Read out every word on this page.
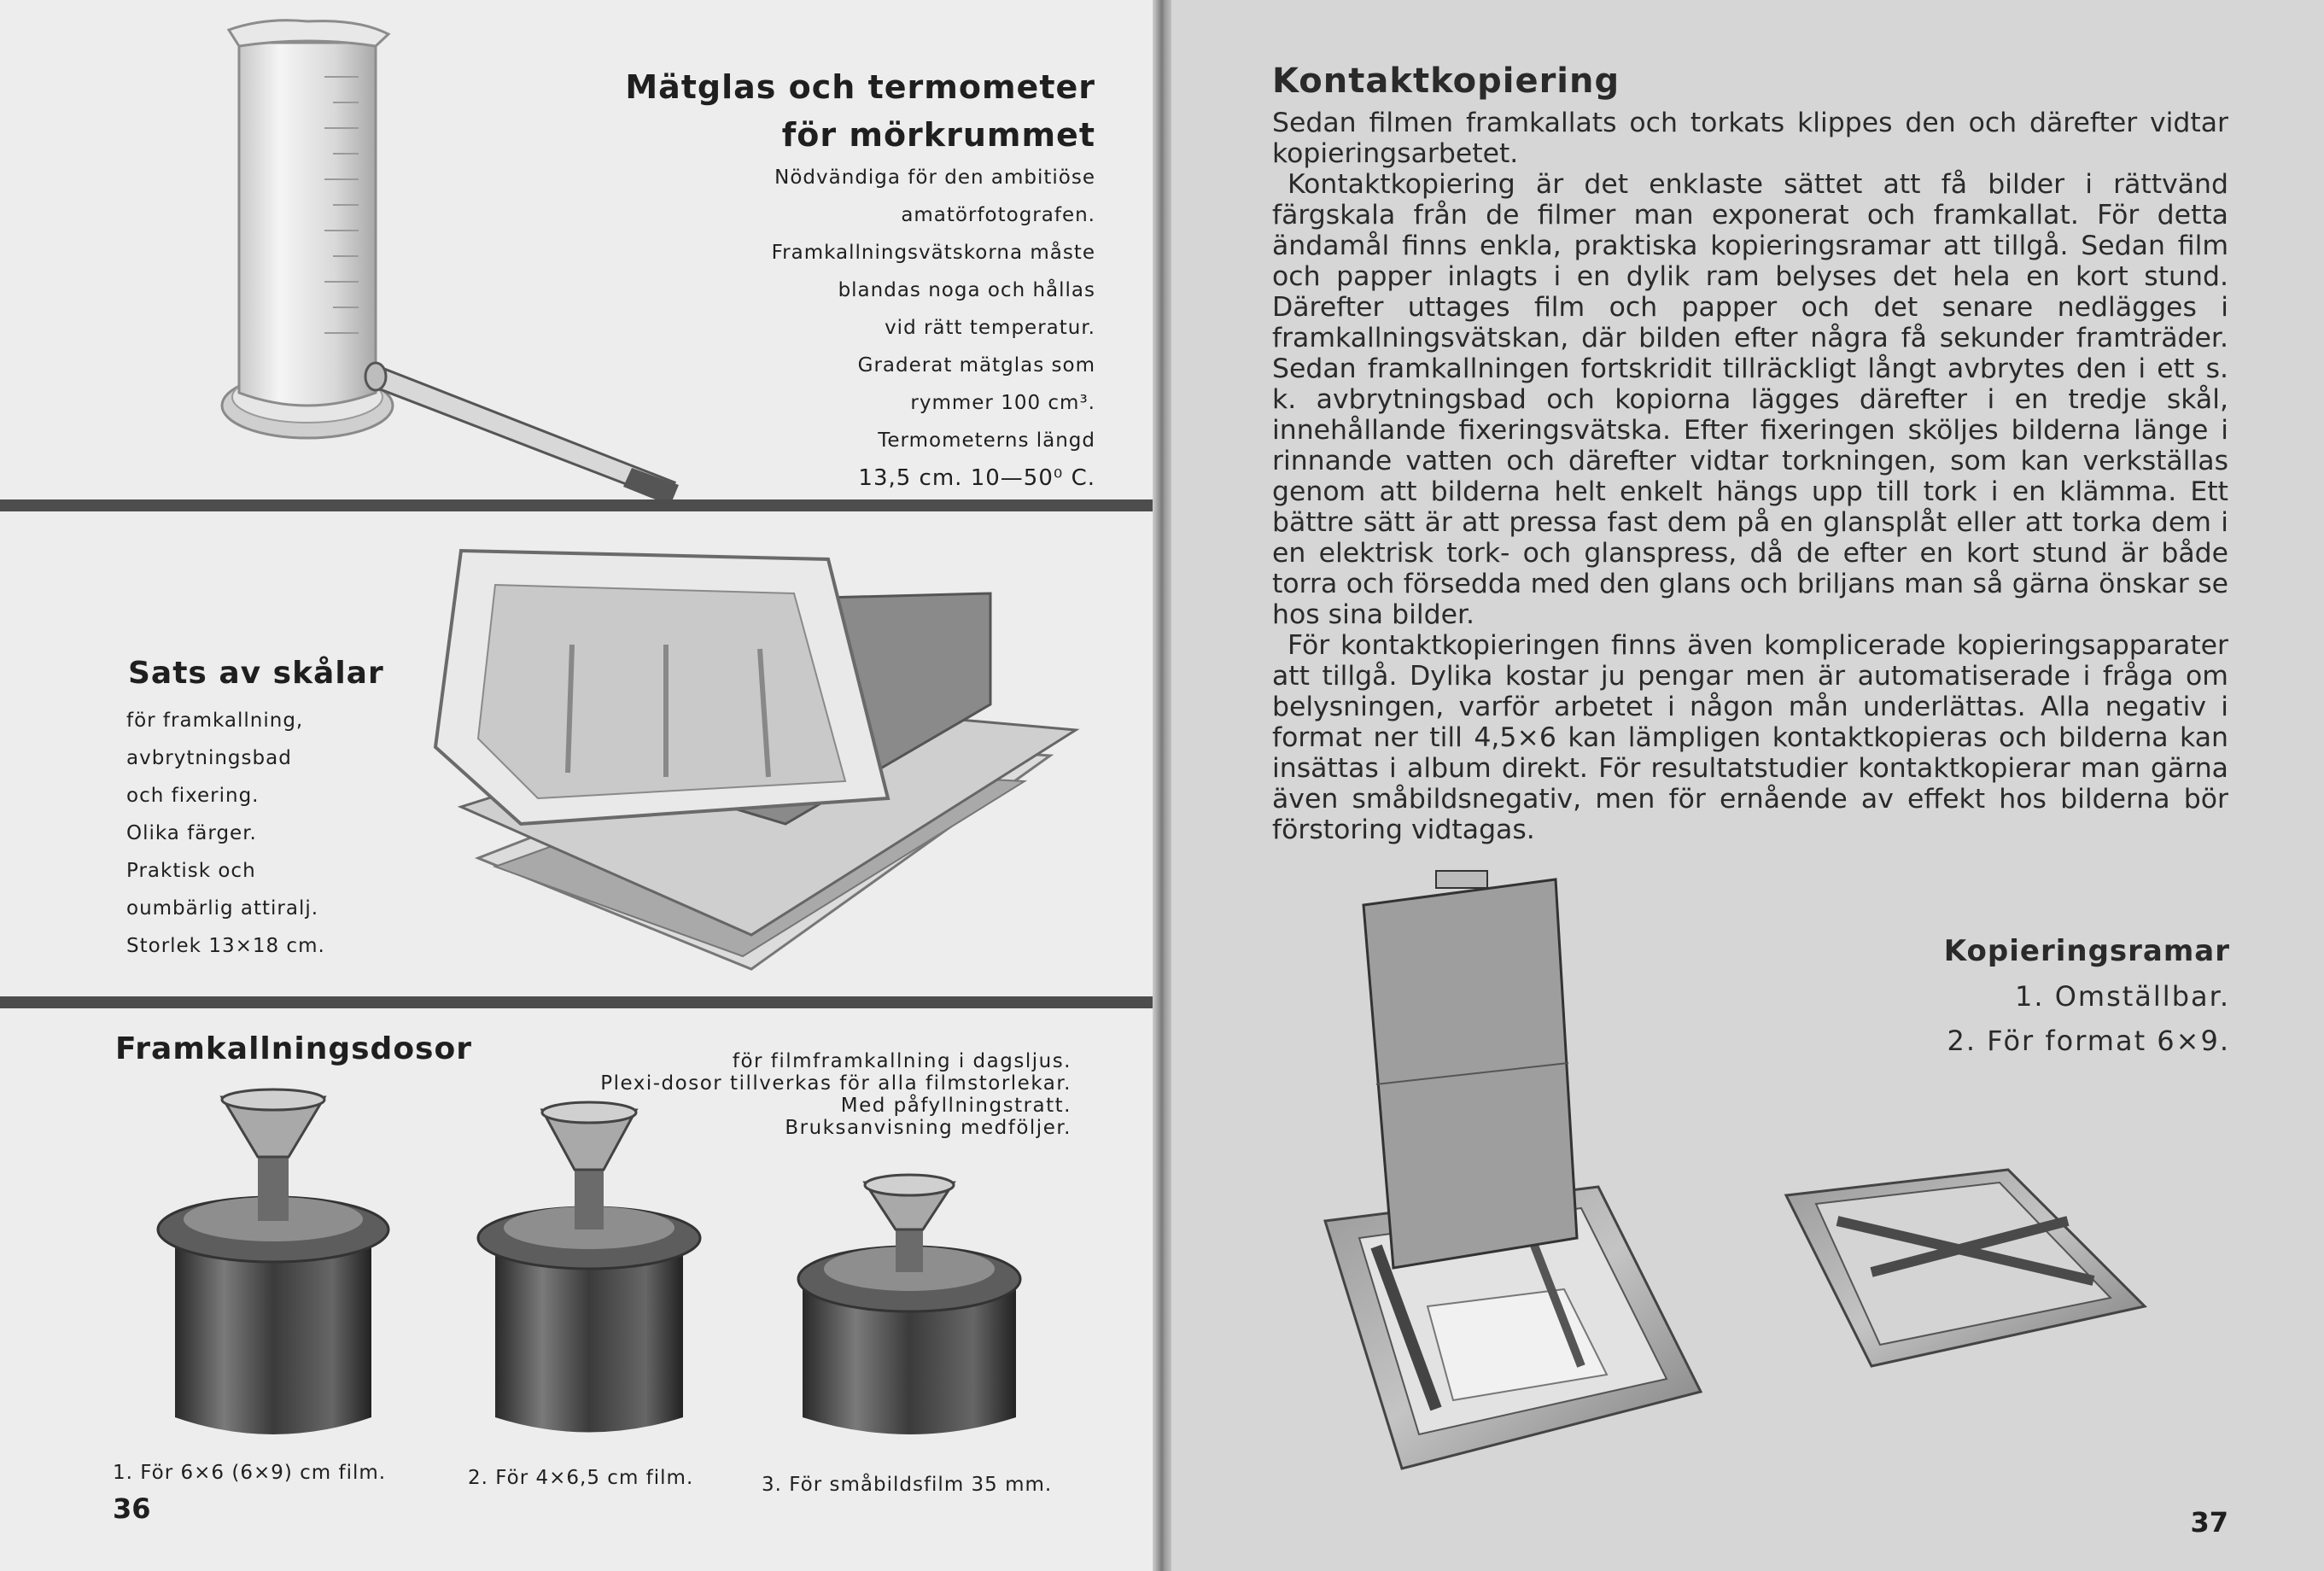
Mätglas och termometer
för mörkrummet
Nödvändiga för den ambitiöse
amatörfotografen.
Framkallningsvätskorna måste
blandas noga och hållas
vid rätt temperatur.
Graderat mätglas som
rymmer 100 cm³.
Termometerns längd
13,5 cm. 10—50⁰ C.
Sats av skålar
för framkallning,
avbrytningsbad
och fixering.
Olika färger.
Praktisk och
oumbärlig attiralj.
Storlek 13×18 cm.
Framkallningsdosor	för filmframkallning i dagsljus.
Plexi-dosor tillverkas för alla filmstorlekar.
Med påfyllningstratt.
Bruksanvisning medföljer.
1. För 6×6 (6×9) cm film.	2. För 4×6,5 cm film.	3. För småbildsfilm 35 mm.
36
Kontaktkopiering

Sedan filmen framkallats och torkats klippes den och därefter vidtar kopieringsarbetet.

Kontaktkopiering är det enklaste sättet att få bilder i rättvänd färgskala från de filmer man exponerat och framkallat. För detta ändamål finns enkla, praktiska kopieringsramar att tillgå. Sedan film och papper inlagts i en dylik ram belyses det hela en kort stund. Därefter uttages film och papper och det senare nedlägges i framkallningsvätskan, där bilden efter några få sekunder framträder. Sedan framkallningen fortskridit tillräckligt långt avbrytes den i ett s. k. avbrytningsbad och kopiorna lägges därefter i en tredje skål, innehållande fixeringsvätska. Efter fixeringen sköljes bilderna länge i rinnande vatten och därefter vidtar torkningen, som kan verkställas genom att bilderna helt enkelt hängs upp till tork i en klämma. Ett bättre sätt är att pressa fast dem på en glansplåt eller att torka dem i en elektrisk tork- och glanspress, då de efter en kort stund är både torra och försedda med den glans och briljans man så gärna önskar se hos sina bilder.

För kontaktkopieringen finns även komplicerade kopieringsapparater att tillgå. Dylika kostar ju pengar men är automatiserade i fråga om belysningen, varför arbetet i någon mån underlättas. Alla negativ i format ner till 4,5×6 kan lämpligen kontaktkopieras och bilderna kan insättas i album direkt. För resultatstudier kontaktkopierar man gärna även småbildsnegativ, men för ernående av effekt hos bilderna bör förstoring vidtagas.

Kopieringsramar
1. Omställbar.
2. För format 6×9.
37
